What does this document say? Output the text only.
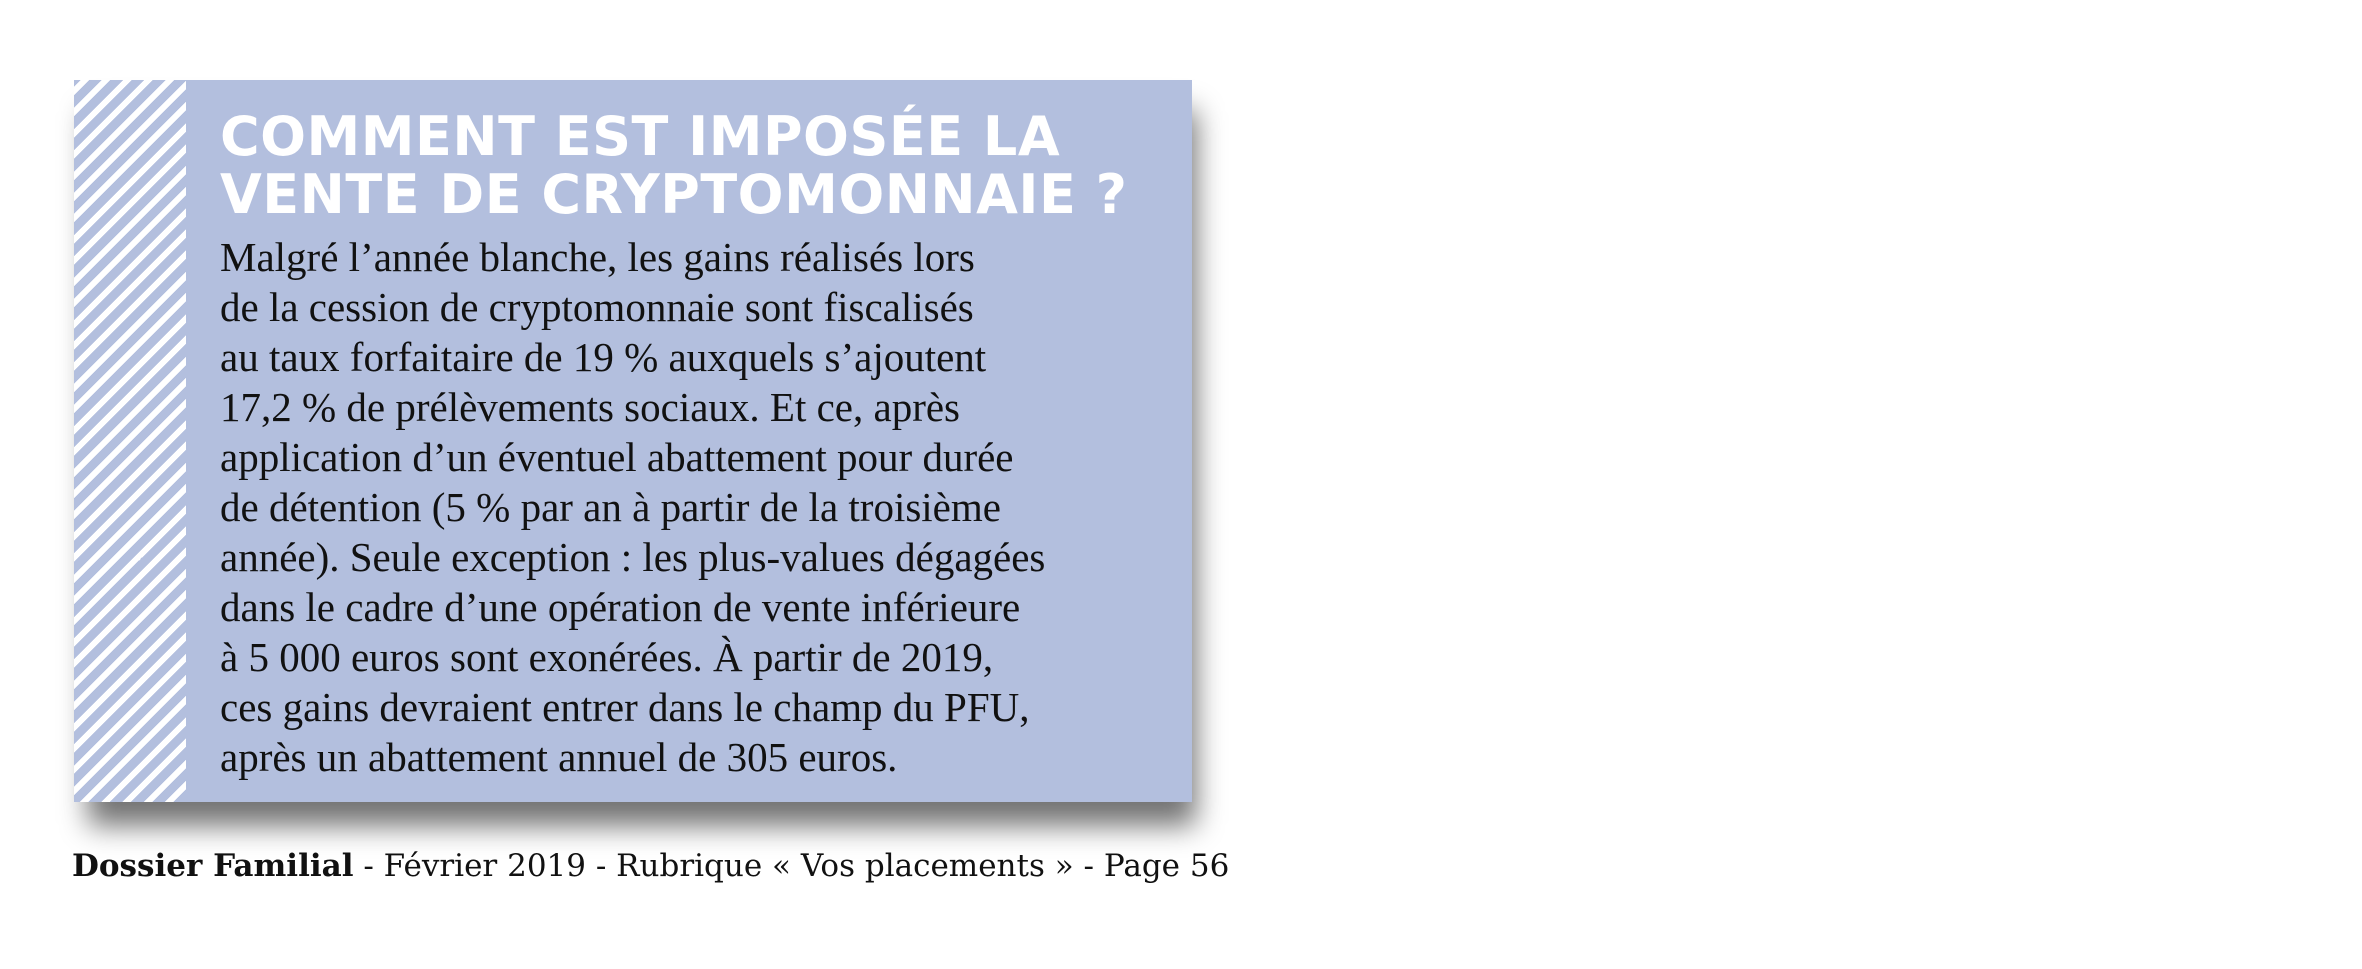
COMMENT EST IMPOSÉE LA
VENTE DE CRYPTOMONNAIE ?

Malgré l’année blanche, les gains réalisés lors
de la cession de cryptomonnaie sont fiscalisés
au taux forfaitaire de 19 % auxquels s’ajoutent
17,2 % de prélèvements sociaux. Et ce, après
application d’un éventuel abattement pour durée
de détention (5 % par an à partir de la troisième
année). Seule exception : les plus-values dégagées
dans le cadre d’une opération de vente inférieure
à 5 000 euros sont exonérées. À partir de 2019,
ces gains devraient entrer dans le champ du PFU,
après un abattement annuel de 305 euros.

Dossier Familial - Février 2019 - Rubrique « Vos placements » - Page 56
